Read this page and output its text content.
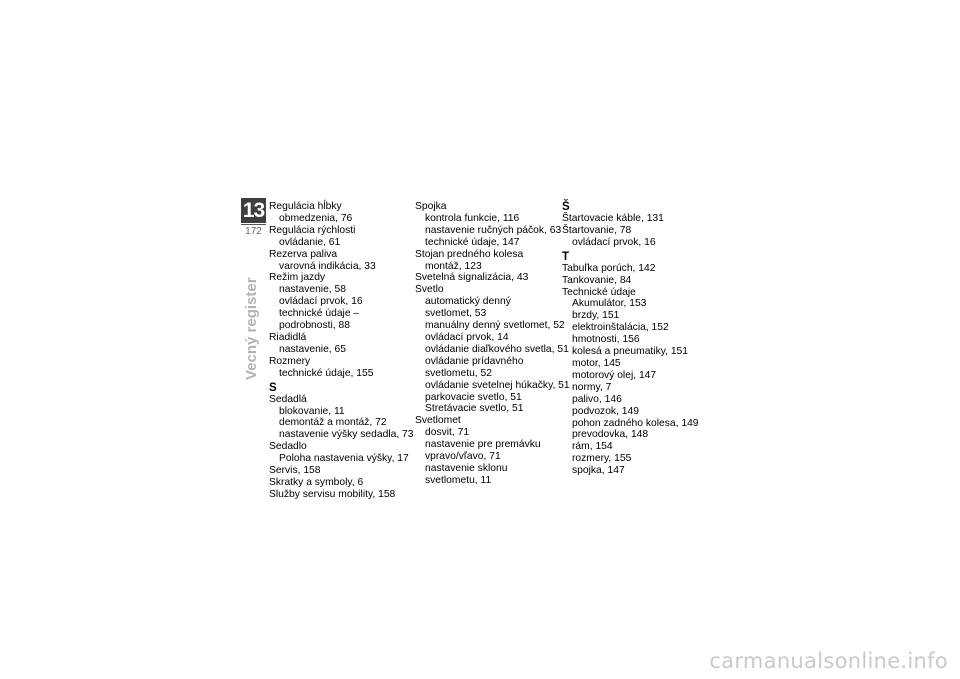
13
172
Vecný register
Regulácia hĺbky
obmedzenia, 76
Regulácia rýchlosti
ovládanie, 61
Rezerva paliva
varovná indikácia, 33
Režim jazdy
nastavenie, 58
ovládací prvok, 16
technické údaje –
podrobnosti, 88
Riadidlá
nastavenie, 65
Rozmery
technické údaje, 155
S
Sedadlá
blokovanie, 11
demontáž a montáž, 72
nastavenie výšky sedadla, 73
Sedadlo
Poloha nastavenia výšky, 17
Servis, 158
Skratky a symboly, 6
Služby servisu mobility, 158
Spojka
kontrola funkcie, 116
nastavenie ručných páčok, 63
technické údaje, 147
Stojan predného kolesa
montáž, 123
Svetelná signalizácia, 43
Svetlo
automatický denný
svetlomet, 53
manuálny denný svetlomet, 52
ovládací prvok, 14
ovládanie diaľkového svetla, 51
ovládanie prídavného
svetlometu, 52
ovládanie svetelnej húkačky, 51
parkovacie svetlo, 51
Stretávacie svetlo, 51
Svetlomet
dosvit, 71
nastavenie pre premávku
vpravo/vľavo, 71
nastavenie sklonu
svetlometu, 11
Š
Štartovacie káble, 131
Štartovanie, 78
ovládací prvok, 16
T
Tabuľka porúch, 142
Tankovanie, 84
Technické údaje
Akumulátor, 153
brzdy, 151
elektroinštalácia, 152
hmotnosti, 156
kolesá a pneumatiky, 151
motor, 145
motorový olej, 147
normy, 7
palivo, 146
podvozok, 149
pohon zadného kolesa, 149
prevodovka, 148
rám, 154
rozmery, 155
spojka, 147
carmanualsonline.info
